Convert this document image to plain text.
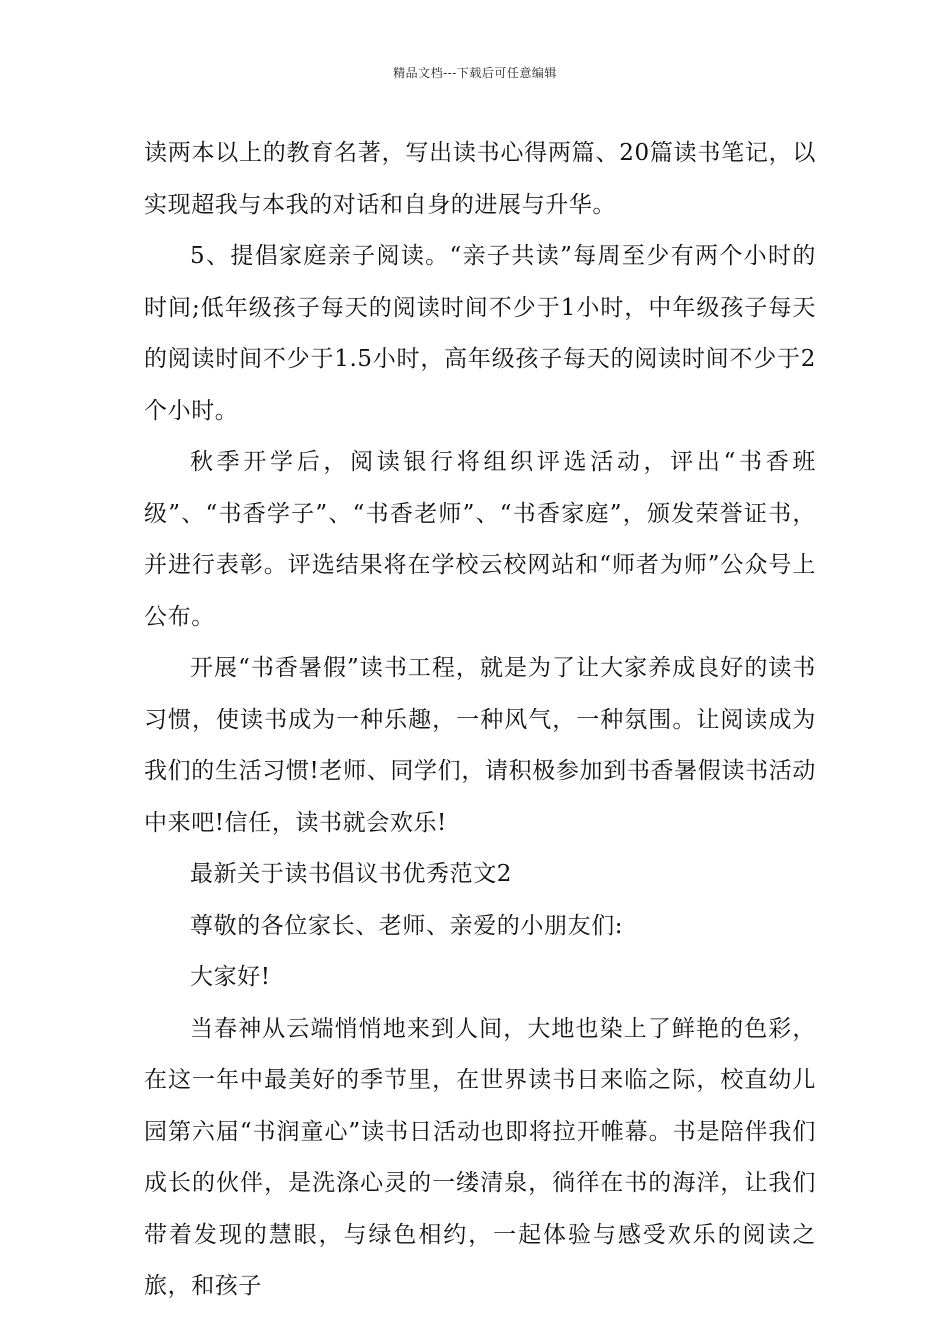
精品文档---下载后可任意编辑

读两本以上的教育名著，写出读书心得两篇、20篇读书笔记，以实现超我与本我的对话和自身的进展与升华。

5、提倡家庭亲子阅读。“亲子共读”每周至少有两个小时的时间;低年级孩子每天的阅读时间不少于1小时，中年级孩子每天的阅读时间不少于1.5小时，高年级孩子每天的阅读时间不少于2个小时。

秋季开学后，阅读银行将组织评选活动，评出“书香班级”、“书香学子”、“书香老师”、“书香家庭”，颁发荣誉证书，并进行表彰。评选结果将在学校云校网站和“师者为师”公众号上公布。

开展“书香暑假”读书工程，就是为了让大家养成良好的读书习惯，使读书成为一种乐趣，一种风气，一种氛围。让阅读成为我们的生活习惯!老师、同学们，请积极参加到书香暑假读书活动中来吧!信任，读书就会欢乐!

最新关于读书倡议书优秀范文2

尊敬的各位家长、老师、亲爱的小朋友们:

大家好!

当春神从云端悄悄地来到人间，大地也染上了鲜艳的色彩，在这一年中最美好的季节里，在世界读书日来临之际，校直幼儿园第六届“书润童心”读书日活动也即将拉开帷幕。书是陪伴我们成长的伙伴，是洗涤心灵的一缕清泉，徜徉在书的海洋，让我们带着发现的慧眼，与绿色相约，一起体验与感受欢乐的阅读之旅，和孩子
